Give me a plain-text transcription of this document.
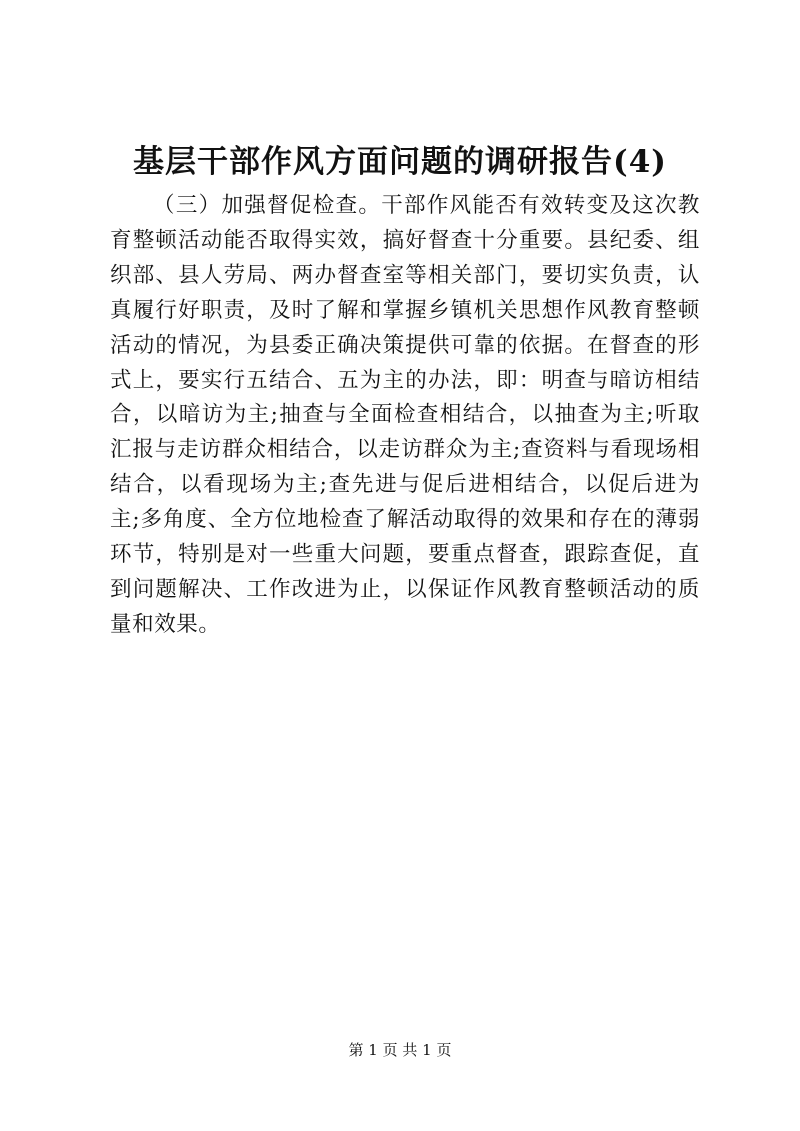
基层干部作风方面问题的调研报告(4)

（三）加强督促检查。干部作风能否有效转变及这次教育整顿活动能否取得实效，搞好督查十分重要。县纪委、组织部、县人劳局、两办督查室等相关部门，要切实负责，认真履行好职责，及时了解和掌握乡镇机关思想作风教育整顿活动的情况，为县委正确决策提供可靠的依据。在督查的形式上，要实行五结合、五为主的办法，即：明查与暗访相结合，以暗访为主;抽查与全面检查相结合，以抽查为主;听取汇报与走访群众相结合，以走访群众为主;查资料与看现场相结合，以看现场为主;查先进与促后进相结合，以促后进为主;多角度、全方位地检查了解活动取得的效果和存在的薄弱环节，特别是对一些重大问题，要重点督查，跟踪查促，直到问题解决、工作改进为止，以保证作风教育整顿活动的质量和效果。

第 1 页 共 1 页
